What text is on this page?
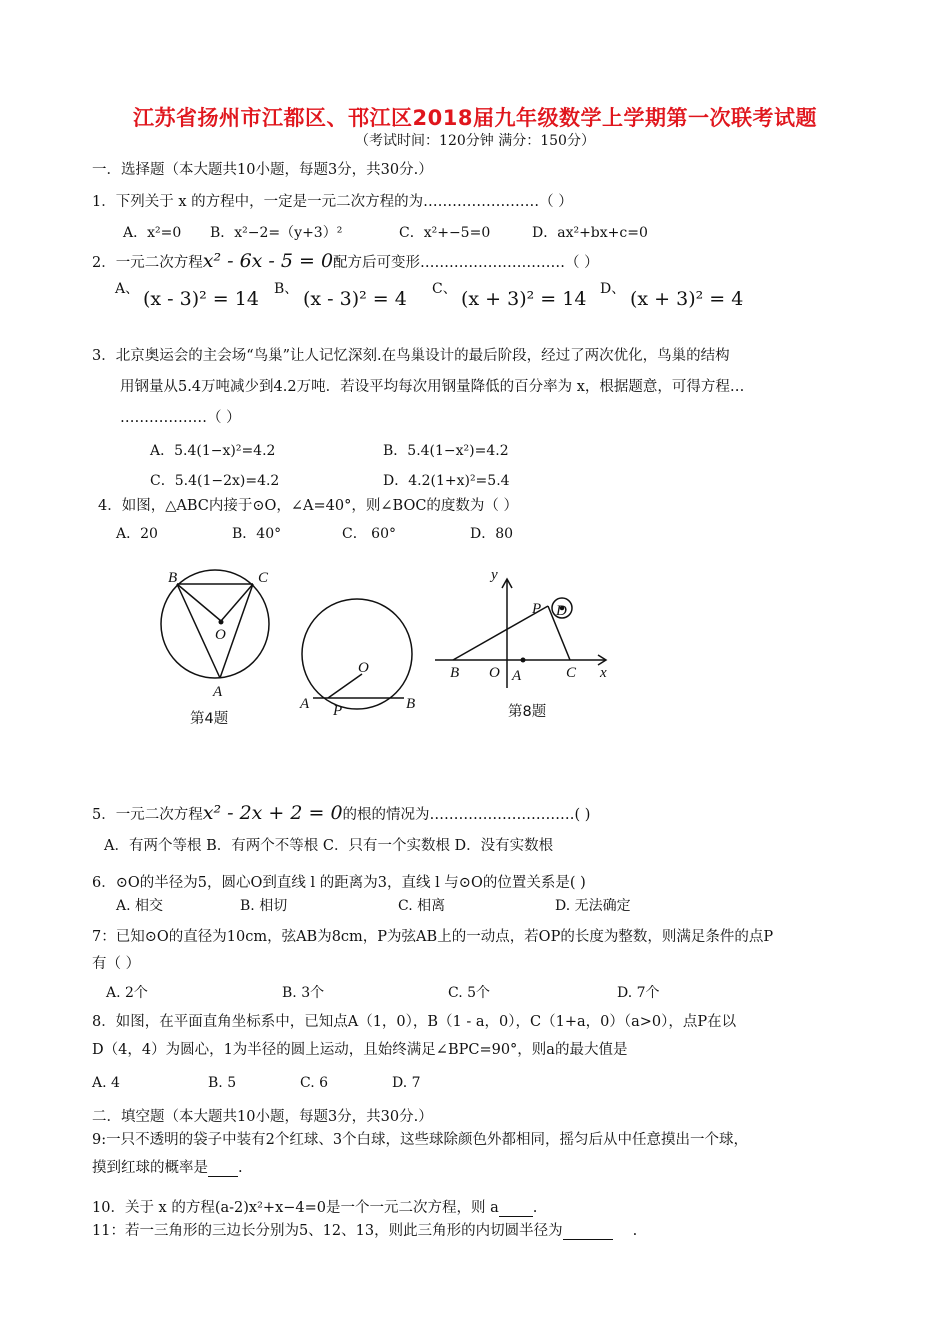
江苏省扬州市江都区、邗江区2018届九年级数学上学期第一次联考试题
（考试时间：120分钟 满分：150分）
一．选择题（本大题共10小题，每题3分，共30分.）
1．下列关于 x 的方程中，一定是一元二次方程的为……………………（ ）
A．x²=0 B．x²−2=（y+3）²	C．x²+−5=0	D．ax²+bx+c=0
2．一元二次方程x² - 6x - 5 = 0配方后可变形…………………………（ ）
A、 (x - 3)² = 14 B、 (x - 3)² = 4 C、 (x + 3)² = 14 D、 (x + 3)² = 4
3．北京奥运会的主会场“鸟巢”让人记忆深刻.在鸟巢设计的最后阶段，经过了两次优化，鸟巢的结构
用钢量从5.4万吨减少到4.2万吨．若设平均每次用钢量降低的百分率为 x，根据题意，可得方程…
………………（ ）
A．5.4(1−x)²=4.2	B．5.4(1−x²)=4.2
C．5.4(1−2x)=4.2	D．4.2(1+x)²=5.4
4．如图，△ABC内接于⊙O，∠A=40°，则∠BOC的度数为（ ）
A．20	B．40°	C． 60°	D．80
B	C
O
A
O
A P	B
y
P D
B O A	C x
第4题	第8题
5．一元二次方程x² - 2x + 2 = 0的根的情况为…………………………( )
A．有两个等根 B．有两个不等根 C．只有一个实数根 D．没有实数根
6．⊙O的半径为5，圆心O到直线 l 的距离为3，直线 l 与⊙O的位置关系是( )
A. 相交	B. 相切	C. 相离	D. 无法确定
7：已知⊙O的直径为10cm，弦AB为8cm，P为弦AB上的一动点，若OP的长度为整数，则满足条件的点P
有（ ）
A. 2个	B. 3个	C. 5个	D. 7个
8．如图，在平面直角坐标系中，已知点A（1，0），B（1 - a，0），C（1+a，0）（a>0），点P在以
D（4，4）为圆心，1为半径的圆上运动，且始终满足∠BPC=90°，则a的最大值是
A. 4	B. 5	C. 6	D. 7
二．填空题（本大题共10小题，每题3分，共30分.）
9:一只不透明的袋子中装有2个红球、3个白球，这些球除颜色外都相同，摇匀后从中任意摸出一个球，
摸到红球的概率是 .
10．关于 x 的方程(a-2)x²+x−4=0是一个一元二次方程，则 a .
11：若一三角形的三边长分别为5、12、13，则此三角形的内切圆半径为	.
